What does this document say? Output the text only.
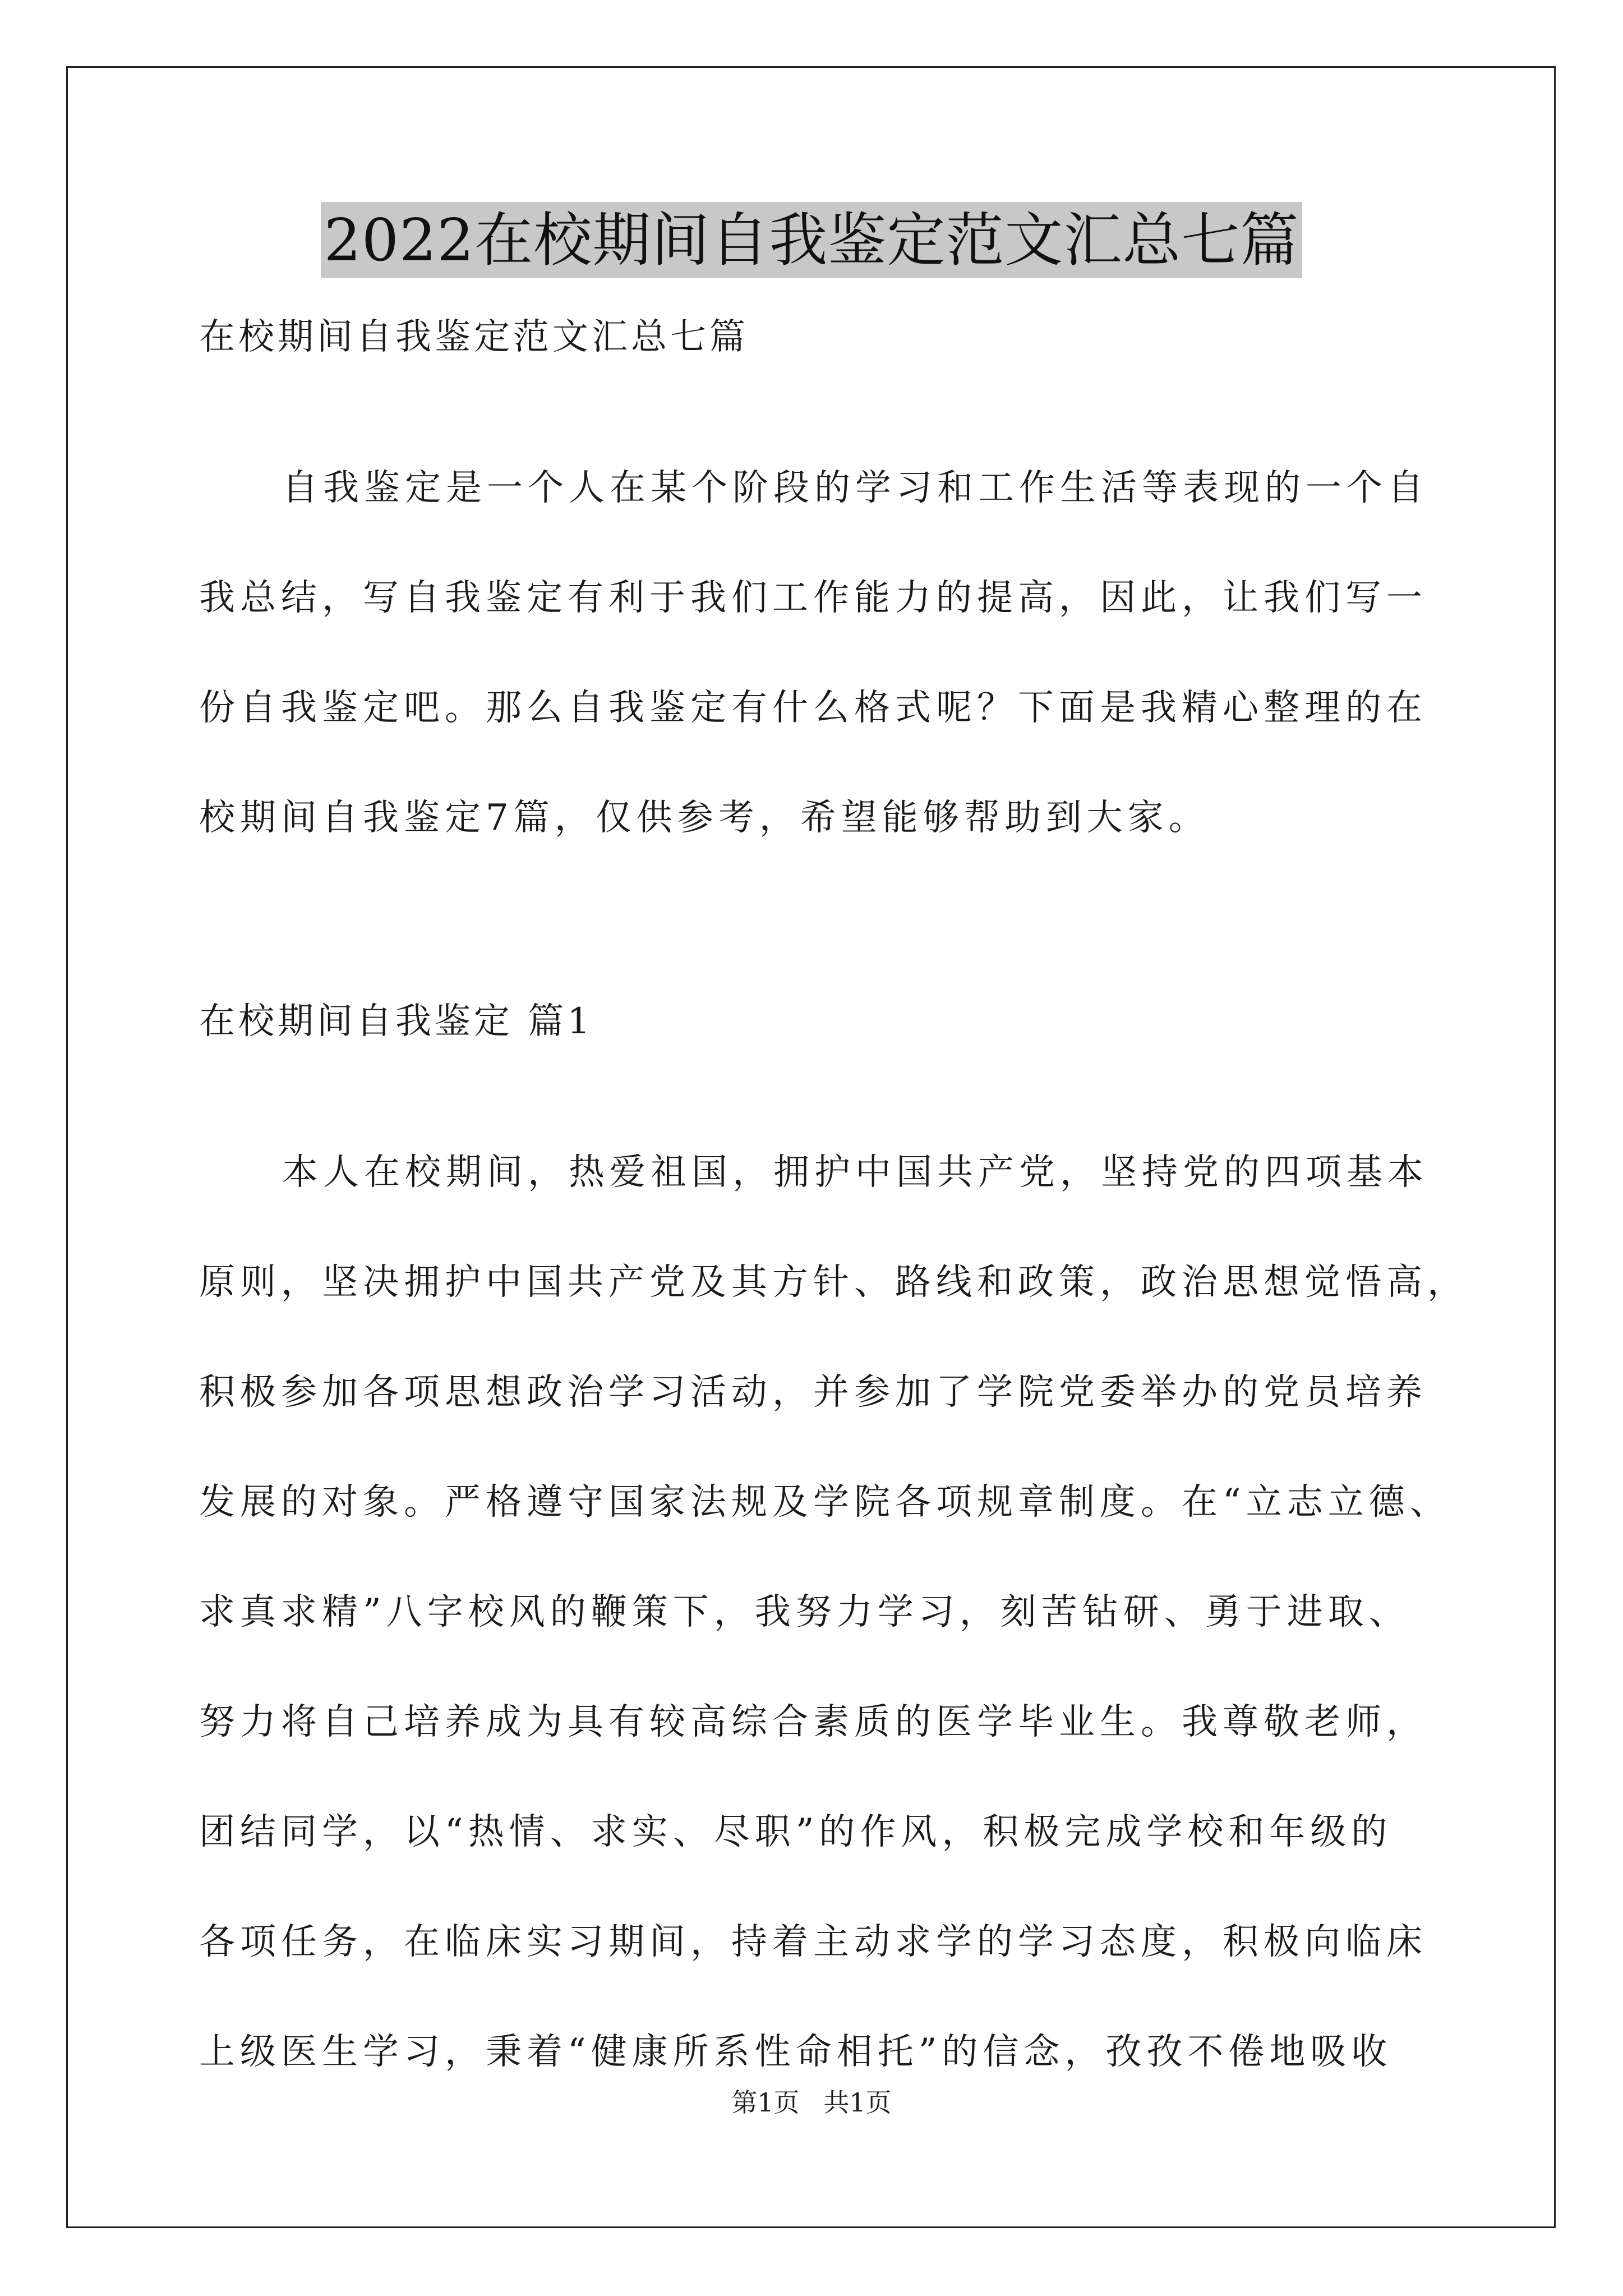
2022在校期间自我鉴定范文汇总七篇
在校期间自我鉴定范文汇总七篇
自我鉴定是一个人在某个阶段的学习和工作生活等表现的一个自
我总结，写自我鉴定有利于我们工作能力的提高，因此，让我们写一
份自我鉴定吧。那么自我鉴定有什么格式呢？下面是我精心整理的在
校期间自我鉴定7篇，仅供参考，希望能够帮助到大家。
在校期间自我鉴定 篇1
本人在校期间，热爱祖国，拥护中国共产党，坚持党的四项基本
原则，坚决拥护中国共产党及其方针、路线和政策，政治思想觉悟高，
积极参加各项思想政治学习活动，并参加了学院党委举办的党员培养
发展的对象。严格遵守国家法规及学院各项规章制度。在“立志立德、
求真求精”八字校风的鞭策下，我努力学习，刻苦钻研、勇于进取、
努力将自己培养成为具有较高综合素质的医学毕业生。我尊敬老师，
团结同学，以“热情、求实、尽职”的作风，积极完成学校和年级的
各项任务，在临床实习期间，持着主动求学的学习态度，积极向临床
上级医生学习，秉着“健康所系性命相托”的信念，孜孜不倦地吸收
第1页 共1页
